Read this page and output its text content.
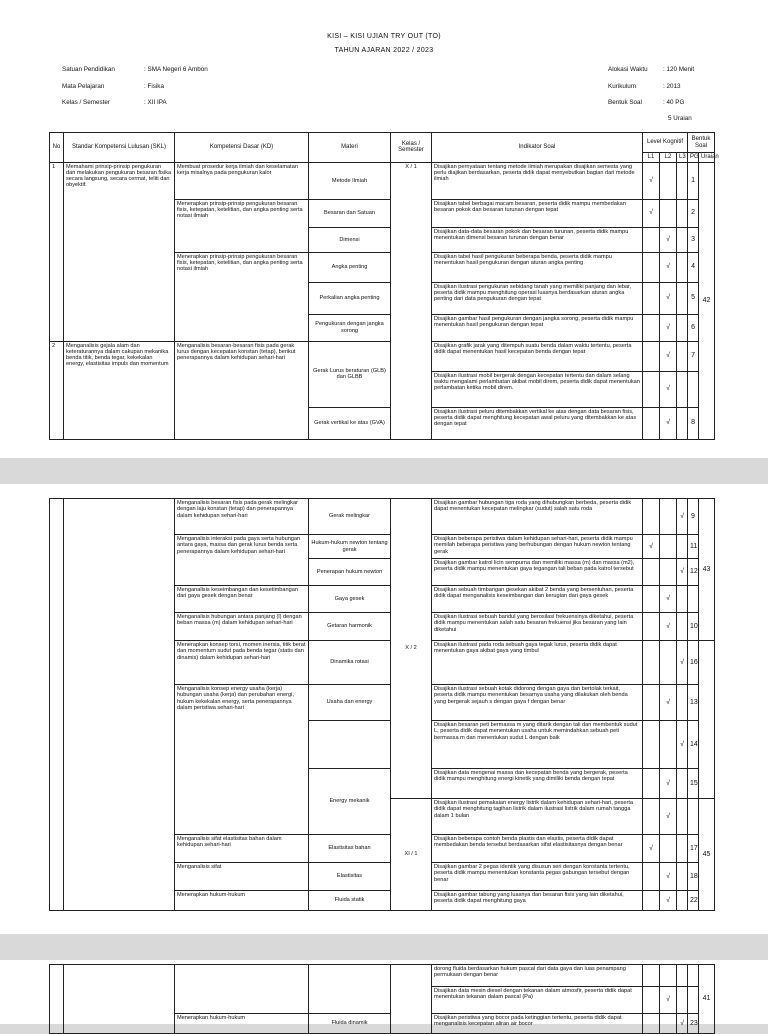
KISI – KISI UJIAN TRY OUT (TO)
TAHUN AJARAN 2022 / 2023
Satuan Pendidikan	: SMA Negeri 6 Ambon
Mata Pelajaran	: Fisika
Kelas / Semester	: XII IPA
Alokasi Waktu : 120 Menit
Kurikulum	: 2013
Bentuk Soal	: 40 PG
5 Uraian
No	Standar Kompetensi Lulusan (SKL)	Kompetensi Dasar (KD)	Materi	Kelas / Semester	Indikator Soal	Level Kognitif			Bentuk Soal	
						L1	L2	L3	PG	Uraian
1	Memahami prinsip-prinsip pengukuran dan melakukan pengukuran besaran fisika secara langsung, secara cermat, teliti dan obyektif.	Membuat prosedur kerja ilmiah dan keselamatan kerja misalnya pada pengukuran kalor	Metode Ilmiah	X / 1	Disajikan pernyataan tentang metode ilmiah merupakan disajikan semesta yang perlu diajikan berdasarkan, peserta didik dapat menyebutkan bagian dari metode ilmiah	√			1	42
		Menerapkan prinsip-prinsip pengukuran besaran fisis, ketepatan, ketelitian, dan angka penting serta notasi ilmiah	Besaran dan Satuan		Disajikan tabel berbagai macam besaran, peserta didik mampu membedakan besaran pokok dan besaran turunan dengan tepat	√			2	
			Dimensi		Disajikan data-data besaran pokok dan besaran turunan, peserta didik mampu menentukan dimensi besaran turunan dengan benar		√		3	
		Menerapkan prinsip-prinsip pengukuran besaran fisis, ketepatan, ketelitian, dan angka penting serta notasi ilmiah	Angka penting		Disajikan tabel hasil pengukuran beberapa benda, peserta didik mampu menentukan hasil pengukuran dengan aturan angka penting		√		4	
			Perkalian angka penting		Disajikan ilustrasi pengukuran sebidang tanah yang memiliki panjang dan lebar, peserta didik mampu menghitung operasi luasnya berdasarkan aturan angka penting dari data pengukuran dengan tepat		√		5	
			Pengukuran dengan jangka sorong		Disajikan gambar hasil pengukuran dengan jangka sorong, peserta didik mampu menentukan hasil pengukuran dengan tepat		√		6	
2	Menganalisis gejala alam dan keteraturannya dalam cakupan mekanika benda titik, benda tegar, kekekalan energy, elastisitas impuls dan momentum	Menganalisis besaran-besaran fisis pada gerak lurus dengan kecepatan konstan (tetap), berikut penerapannya dalam kehidupan sehari-hari	Gerak Lurus beraturan (GLB) dan GLBB		Disajikan grafik jarak yang ditempuh suatu benda dalam waktu tertentu, peserta didik dapat menentukan hasil kecepatan benda dengan tepat		√		7	
					Disajikan ilustrasi mobil bergerak dengan kecepatan tertentu dan dalam selang waktu mengalami perlambatan akibat mobil direm, peserta didik dapat menentukan perlambatan ketika mobil direm.		√			
			Gerak vertikal ke atas (GVA)		Disajikan ilustrasi peluru ditembakkan vertikal ke atas dengan data besaran fisis, peserta didik dapat menghitung kecepatan awal peluru yang ditembakkan ke atas dengan tepat		√		8	
		Menganalisis besaran fisis pada gerak melingkar dengan laju konstan (tetap) dan penerapannya dalam kehidupan sehari-hari	Gerak melingkar	X / 2	Disajikan gambar hubungan tiga roda yang dihubungkan berbeda, peserta didik dapat menentukan kecepatan melingkar (sudut) salah satu roda			√	9	43
		Menganalisis interaksi pada gaya serta hubungan antara gaya, massa dan gerak lurus benda serta penerapannya dalam kehidupan sehari-hari	Hukum-hukum newton tentang gerak		Disajikan beberapa peristiwa dalam kehidupan sehari-hari, peserta didik mampu memilah beberapa peristiwa yang berhubungan dengan hukum newton tentang gerak	√			11	
			Penerapan hukum newton		Disajikan gambar katrol licin sempurna dan memiliki massa (m) dan massa (m2), peserta didik mampu menentukan gaya tegangan tali beban pada katrol tersebut			√	12	
		Menganalisis keseimbangan dan kesetimbangan dari gaya gesek dengan benar	Gaya gesek		Disajikan sebuah timbangan gesekan akibat 2 benda yang bersentuhan, peserta didik dapat menganalisis keseimbangan dan kerugian dari gaya gesek		√			
		Menganalisis hubungan antara panjang (l) dengan beban massa (m) dalam kehidupan sehari-hari	Getaran harmonik		Disajikan ilustrasi sebuah bandul yang berosilasi frekuensinya diketahui, peserta didik mampu menentukan salah satu besaran frekuensi jika besaran yang lain diketahui		√		10	
		Menerapkan konsep torsi, momen inersia, titik berat dan momentum sudut pada benda tegar (statis dan dinamis) dalam kehidupan sehari-hari	Dinamika rotasi		Disajikan ilustrasi pada roda sebuah gaya tegak lurus, peserta didik dapat menentukan gaya akibat gaya yang timbul			√	16	
		Menganalisis konsep energy usaha (kerja) hubungan usaha (kerja) dan perubahan energi, hukum kekekalan energy, serta penerapannya dalam peristiwa sehari-hari	Usaha dan energy		Disajikan ilustrasi sebuah kotak didorong dengan gaya dan bertolak terkait, peserta didik mampu menentukan besarnya usaha yang dilakukan oleh benda yang bergerak sejauh s dengan gaya f dengan benar		√		13	
					Disajikan besaran peti bermassa m yang ditarik dengan tali dan membentuk sudut L, peserta didik dapat menentukan usaha untuk memindahkan sebuah peti bermassa m dan menentukan sudut L dengan baik			√	14	
			Energy mekanik		Disajikan data mengenai massa dan kecepatan benda yang bergerak, peserta didik mampu menghitung energi kinetik yang dimiliki benda dengan tepat		√		15	
				XI / 1	Disajikan ilustrasi pemakaian energy listrik dalam kehidupan sehari-hari, peserta didik dapat menghitung tagihan listrik dalam ilustrasi listrik dalam rumah tangga dalam 1 bulan		√			45
		Menganalisis sifat elastisitas bahan dalam kehidupan sehari-hari	Elastisitas bahan		Disajikan beberapa contoh benda plastis dan elastis, peserta didik dapat membedakan benda tersebut berdasarkan sifat elastisitasnya dengan benar	√			17	
		Menganalisis sifat	Elastisitas		Disajikan gambar 2 pegas identik yang disusun seri dengan konstanta tertentu, peserta didik mampu menentukan konstanta pegas gabungan tersebut dengan benar		√		18	
		Menerapkan hukum-hukum	Fluida statik		Disajikan gambar tabung yang luasnya dan besaran fisis yang lain diketahui, peserta didik dapat menghitung gaya		√		22	
					dorong fluida berdasarkan hukum pascal dari data gaya dan luas penampang permukaan dengan benar					41
					Disajikan data mesin diesel dengan tekanan dalam atmosfir, peserta didik dapat menentukan tekanan dalam pascal (Pa)		√			
		Menerapkan hukum-hukum	Fluida dinamik		Disajikan peristiwa yang bocor pada ketinggian tertentu, peserta didik dapat menganalisis kecepatan aliran air bocor			√	23	
